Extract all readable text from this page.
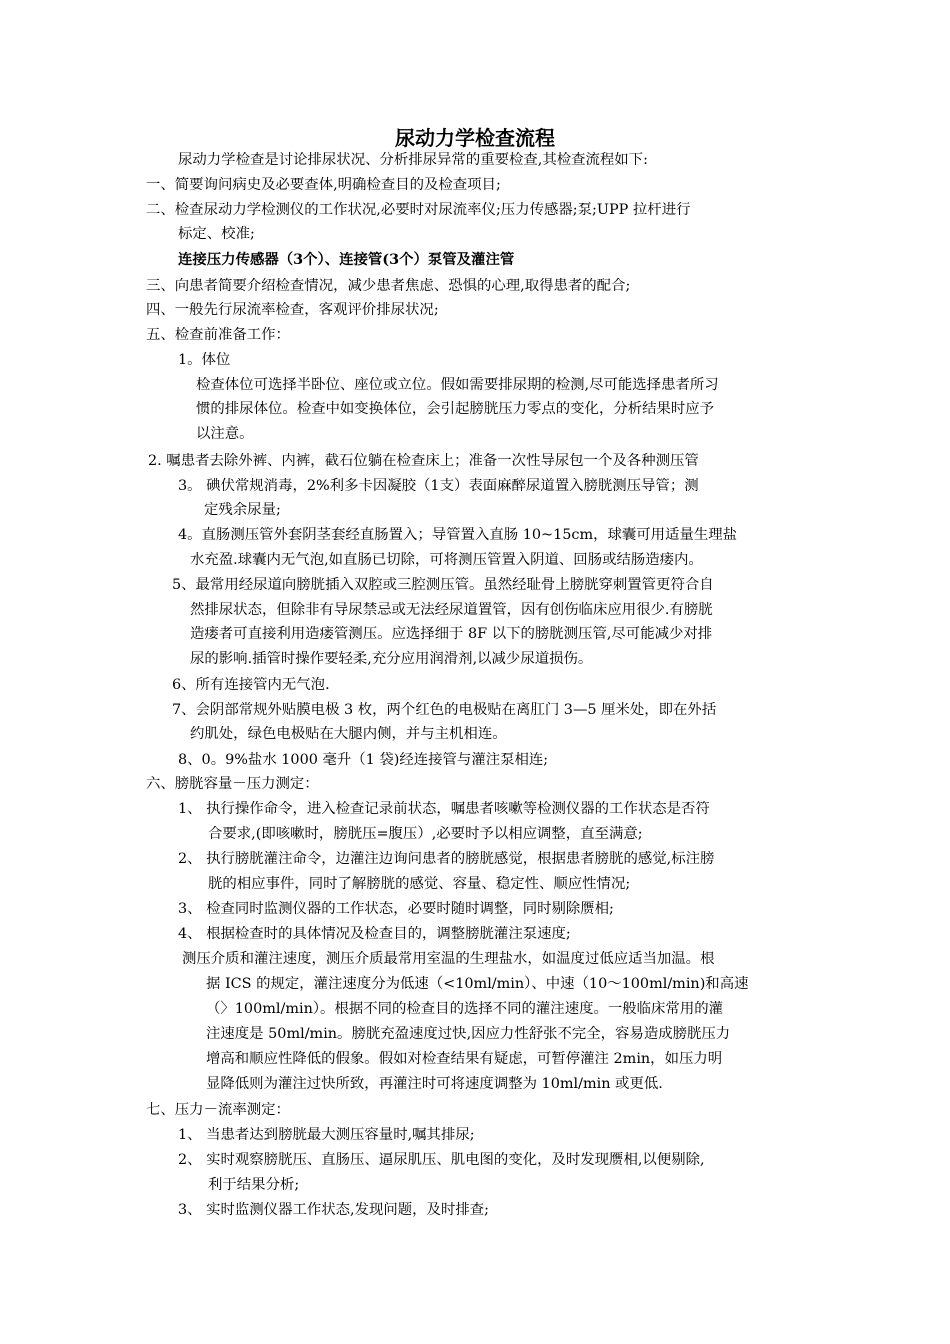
尿动力学检查流程
尿动力学检查是讨论排尿状况、分析排尿异常的重要检查,其检查流程如下:
一、简要询问病史及必要查体,明确检查目的及检查项目;
二、检查尿动力学检测仪的工作状况,必要时对尿流率仪;压力传感器;泵;UPP 拉杆进行
标定、校准;
连接压力传感器（3个）、连接管(3个）泵管及灌注管
三、向患者简要介绍检查情况，减少患者焦虑、恐惧的心理,取得患者的配合;
四、一般先行尿流率检查，客观评价排尿状况;
五、检查前准备工作：
1。体位
检查体位可选择半卧位、座位或立位。假如需要排尿期的检测,尽可能选择患者所习
惯的排尿体位。检查中如变换体位，会引起膀胱压力零点的变化，分析结果时应予
以注意。
2. 嘱患者去除外裤、内裤，截石位躺在检查床上；准备一次性导尿包一个及各种测压管
3。 碘伏常规消毒，2%利多卡因凝胶（1支）表面麻醉尿道置入膀胱测压导管；测
定残余尿量;
4。直肠测压管外套阴茎套经直肠置入；导管置入直肠 10~15cm，球囊可用适量生理盐
水充盈.球囊内无气泡,如直肠已切除，可将测压管置入阴道、回肠或结肠造瘘内。
5、最常用经尿道向膀胱插入双腔或三腔测压管。虽然经耻骨上膀胱穿刺置管更符合自
然排尿状态，但除非有导尿禁忌或无法经尿道置管，因有创伤临床应用很少.有膀胱
造瘘者可直接利用造瘘管测压。应选择细于 8F 以下的膀胱测压管,尽可能减少对排
尿的影响.插管时操作要轻柔,充分应用润滑剂,以减少尿道损伤。
6、所有连接管内无气泡.
7、会阴部常规外贴膜电极 3 枚，两个红色的电极贴在离肛门 3—5 厘米处，即在外括
约肌处，绿色电极贴在大腿内侧，并与主机相连。
8、0。9%盐水 1000 毫升（1 袋)经连接管与灌注泵相连;
六、膀胱容量－压力测定：
1、 执行操作命令，进入检查记录前状态，嘱患者咳嗽等检测仪器的工作状态是否符
合要求,(即咳嗽时，膀胱压=腹压）,必要时予以相应调整，直至满意;
2、 执行膀胱灌注命令，边灌注边询问患者的膀胱感觉，根据患者膀胱的感觉,标注膀
胱的相应事件，同时了解膀胱的感觉、容量、稳定性、顺应性情况;
3、 检查同时监测仪器的工作状态，必要时随时调整，同时剔除赝相;
4、 根据检查时的具体情况及检查目的，调整膀胱灌注泵速度;
测压介质和灌注速度，测压介质最常用室温的生理盐水，如温度过低应适当加温。根
据 ICS 的规定，灌注速度分为低速（<10ml/min）、中速（10～100ml/min)和高速
（〉100ml/min）。根据不同的检查目的选择不同的灌注速度。一般临床常用的灌
注速度是 50ml/min。膀胱充盈速度过快,因应力性舒张不完全，容易造成膀胱压力
增高和顺应性降低的假象。假如对检查结果有疑虑，可暂停灌注 2min，如压力明
显降低则为灌注过快所致，再灌注时可将速度调整为 10ml/min 或更低.
七、压力－流率测定：
1、 当患者达到膀胱最大测压容量时,嘱其排尿;
2、 实时观察膀胱压、直肠压、逼尿肌压、肌电图的变化，及时发现赝相,以便剔除,
利于结果分析;
3、 实时监测仪器工作状态,发现问题，及时排查;
